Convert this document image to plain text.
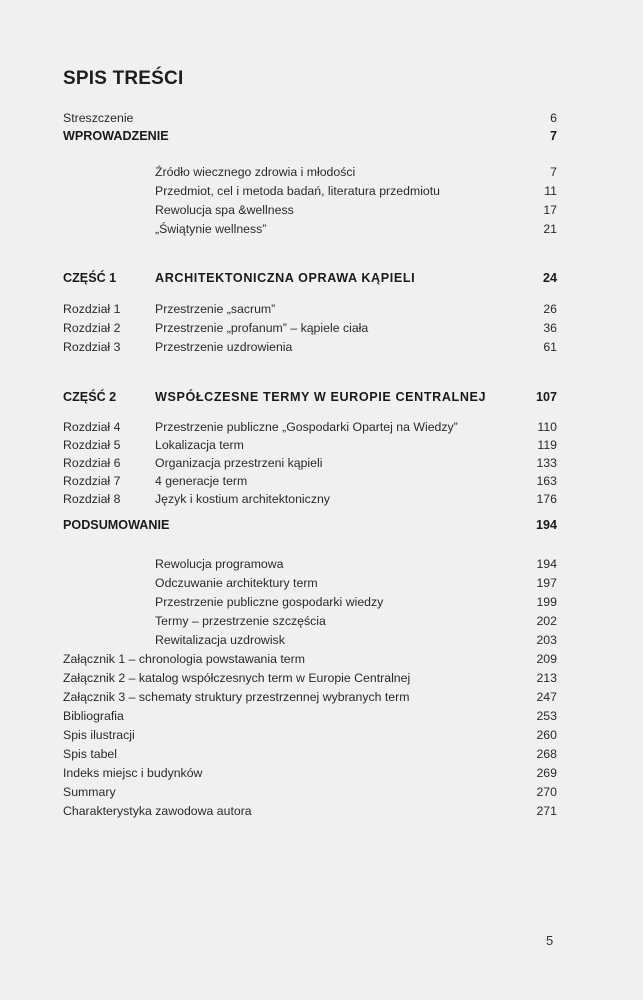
SPIS TREŚCI
Streszczenie	6
WPROWADZENIE	7
Źródło wiecznego zdrowia i młodości	7
Przedmiot, cel i metoda badań, literatura przedmiotu	11
Rewolucja spa &wellness	17
„Świątynie wellness”	21
CZĘŚĆ 1	ARCHITEKTONICZNA OPRAWA KĄPIELI	24
Rozdział 1	Przestrzenie „sacrum”	26
Rozdział 2	Przestrzenie „profanum” – kąpiele ciała	36
Rozdział 3	Przestrzenie uzdrowienia	61
CZĘŚĆ 2	WSPÓŁCZESNE TERMY W EUROPIE CENTRALNEJ	107
Rozdział 4	Przestrzenie publiczne „Gospodarki Opartej na Wiedzy”	110
Rozdział 5	Lokalizacja term	119
Rozdział 6	Organizacja przestrzeni kąpieli	133
Rozdział 7	4 generacje term	163
Rozdział 8	Język i kostium architektoniczny	176
PODSUMOWANIE	194
Rewolucja programowa	194
Odczuwanie architektury term	197
Przestrzenie publiczne gospodarki wiedzy	199
Termy – przestrzenie szczęścia	202
Rewitalizacja uzdrowisk	203
Załącznik 1 – chronologia powstawania term	209
Załącznik 2 – katalog współczesnych term w Europie Centralnej	213
Załącznik 3 – schematy struktury przestrzennej wybranych term	247
Bibliografia	253
Spis ilustracji	260
Spis tabel	268
Indeks miejsc i budynków	269
Summary	270
Charakterystyka zawodowa autora	271
5
